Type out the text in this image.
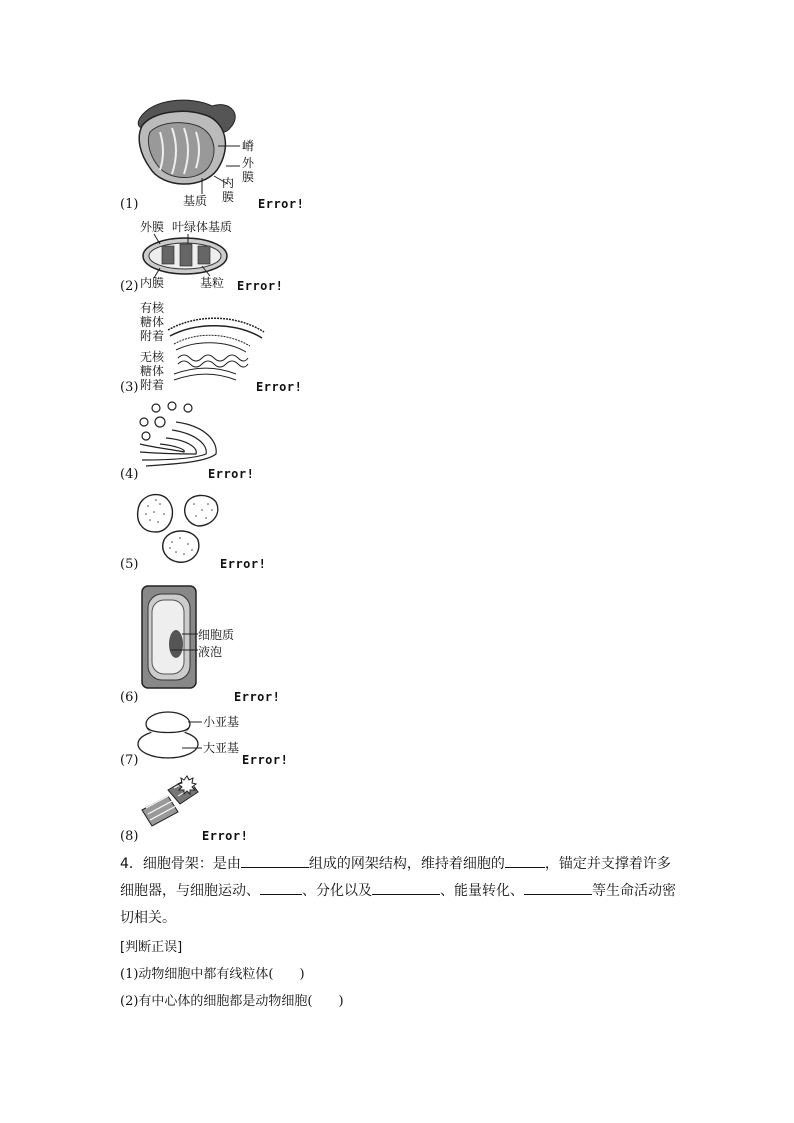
嵴
外
膜
内
膜
基质
(1)	Error!
外膜 叶绿体基质
(2) 内膜	基粒 Error!
有核
糖体
附着
无核
糖体
附着
(3)	Error!
(4)	Error!
(5)	Error!
细胞质
液泡
(6)	Error!
小亚基
大亚基
(7)	Error!
(8)	Error!
4．细胞骨架：是由	组成的网架结构，维持着细胞的	，锚定并支撑着许多细胞器，与细胞运动、	、分化以及	、能量转化、	等生命活动密切相关。
[判断正误]
(1)动物细胞中都有线粒体(　　)
(2)有中心体的细胞都是动物细胞(　　)
